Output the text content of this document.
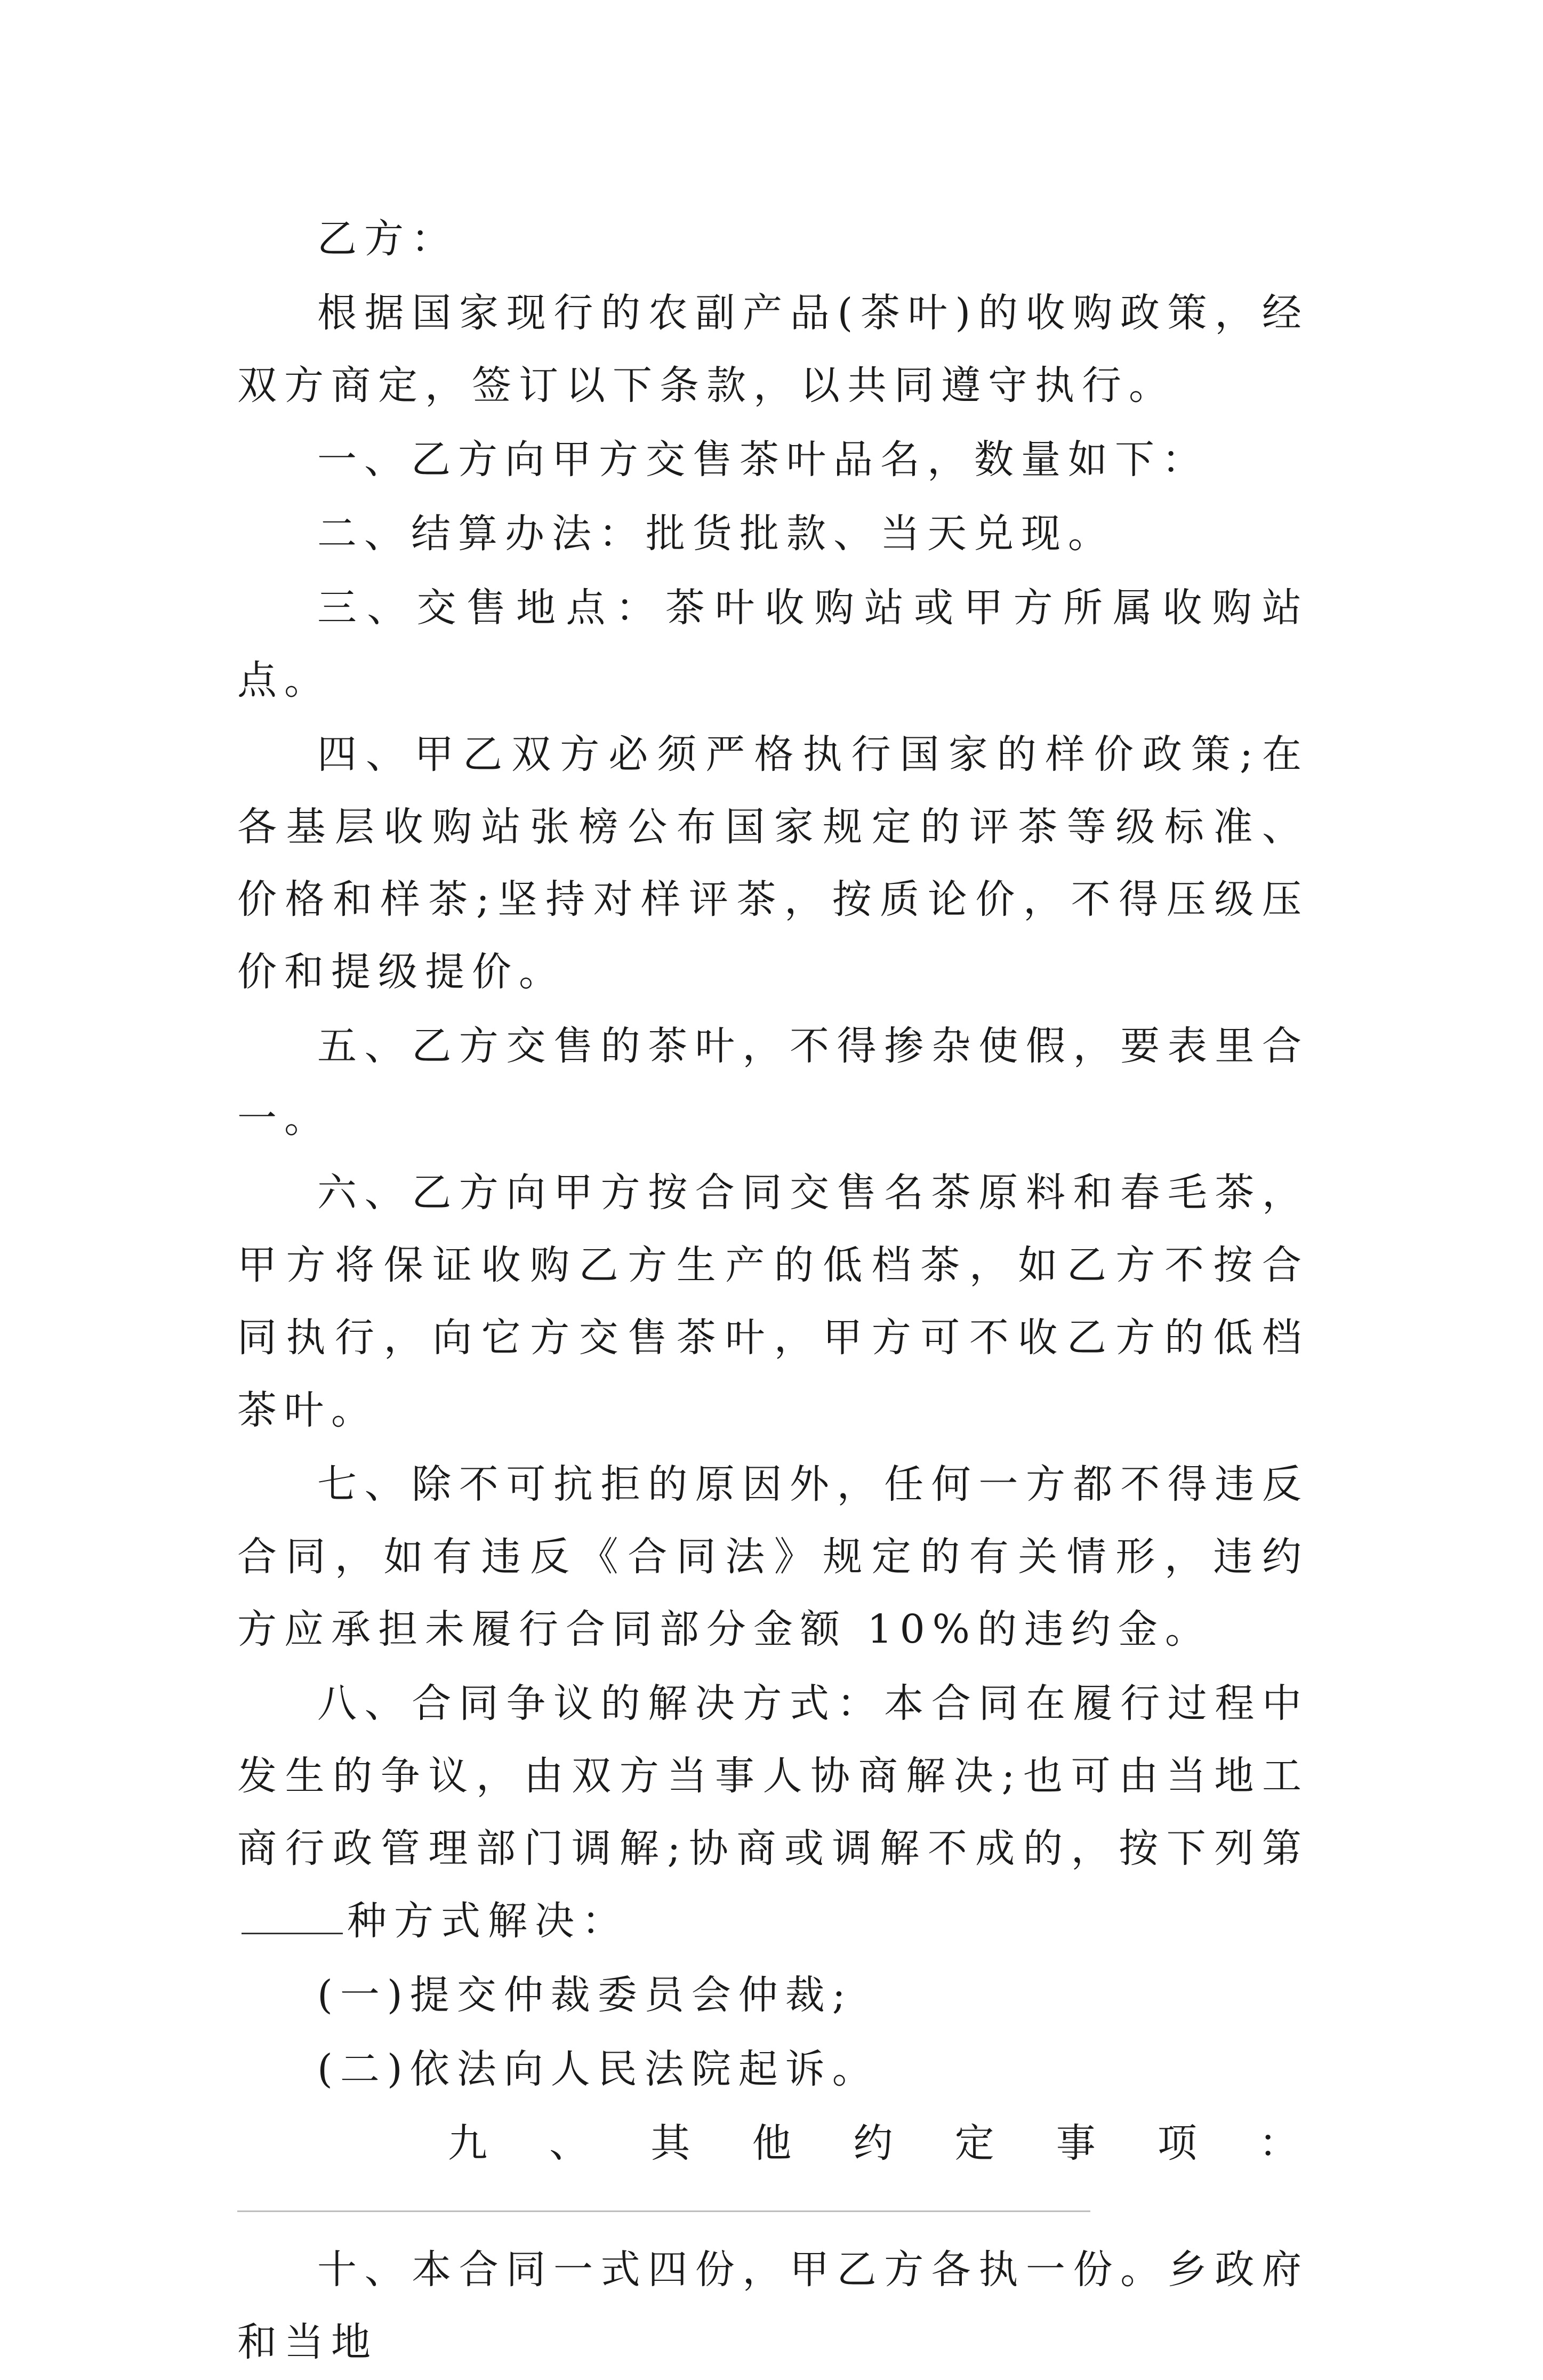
乙方：

根据国家现行的农副产品(茶叶)的收购政策，经双方商定，签订以下条款，以共同遵守执行。

一、乙方向甲方交售茶叶品名，数量如下：

二、结算办法：批货批款、当天兑现。

三、交售地点：茶叶收购站或甲方所属收购站点。

四、甲乙双方必须严格执行国家的样价政策;在各基层收购站张榜公布国家规定的评茶等级标准、价格和样茶;坚持对样评茶，按质论价，不得压级压价和提级提价。

五、乙方交售的茶叶，不得掺杂使假，要表里合一。

六、乙方向甲方按合同交售名茶原料和春毛茶，甲方将保证收购乙方生产的低档茶，如乙方不按合同执行，向它方交售茶叶，甲方可不收乙方的低档茶叶。

七、除不可抗拒的原因外，任何一方都不得违反合同，如有违反《合同法》规定的有关情形，违约方应承担未履行合同部分金额 10%的违约金。

八、合同争议的解决方式：本合同在履行过程中发生的争议，由双方当事人协商解决;也可由当地工商行政管理部门调解;协商或调解不成的，按下列第种方式解决：

(一)提交仲裁委员会仲裁;

(二)依法向人民法院起诉。

九 、 其 他 约 定 事 项 ：

十、本合同一式四份，甲乙方各执一份。乡政府和当地
